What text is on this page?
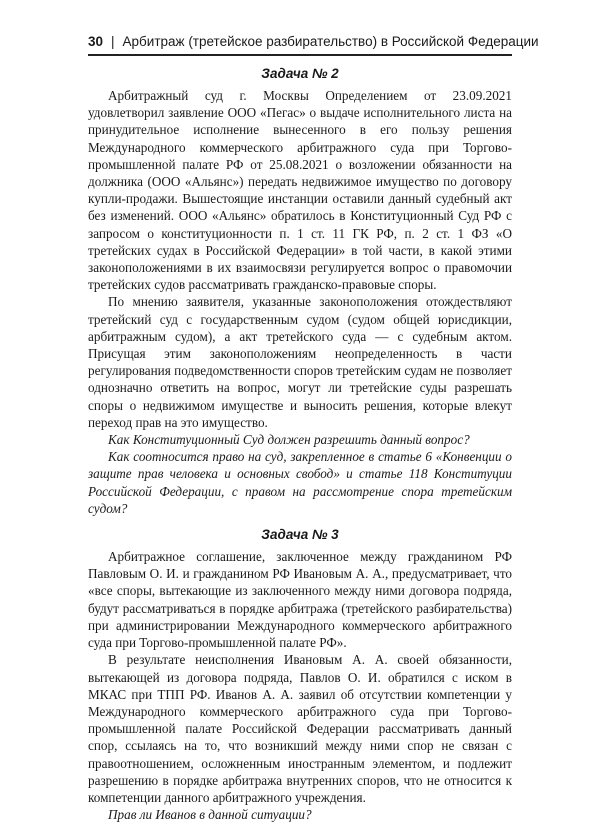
30 | Арбитраж (третейское разбирательство) в Российской Федерации
Задача № 2

Арбитражный суд г. Москвы Определением от 23.09.2021 удовлетворил заявление ООО «Пегас» о выдаче исполнительного листа на принудительное исполнение вынесенного в его пользу решения Международного коммерческого арбитражного суда при Торгово-промышленной палате РФ от 25.08.2021 о возложении обязанности на должника (ООО «Альянс») передать недвижимое имущество по договору купли-продажи. Вышестоящие инстанции оставили данный судебный акт без изменений. ООО «Альянс» обратилось в Конституционный Суд РФ с запросом о конституционности п. 1 ст. 11 ГК РФ, п. 2 ст. 1 ФЗ «О третейских судах в Российской Федерации» в той части, в какой этими законоположениями в их взаимосвязи регулируется вопрос о правомочии третейских судов рассматривать гражданско-правовые споры.

По мнению заявителя, указанные законоположения отождествляют третейский суд с государственным судом (судом общей юрисдикции, арбитражным судом), а акт третейского суда — с судебным актом. Присущая этим законоположениям неопределенность в части регулирования подведомственности споров третейским судам не позволяет однозначно ответить на вопрос, могут ли третейские суды разрешать споры о недвижимом имуществе и выносить решения, которые влекут переход прав на это имущество.

Как Конституционный Суд должен разрешить данный вопрос?

Как соотносится право на суд, закрепленное в статье 6 «Конвенции о защите прав человека и основных свобод» и статье 118 Конституции Российской Федерации, с правом на рассмотрение спора третейским судом?

Задача № 3

Арбитражное соглашение, заключенное между гражданином РФ Павловым О. И. и гражданином РФ Ивановым А. А., предусматривает, что «все споры, вытекающие из заключенного между ними договора подряда, будут рассматриваться в порядке арбитража (третейского разбирательства) при администрировании Международного коммерческого арбитражного суда при Торгово-промышленной палате РФ».

В результате неисполнения Ивановым А. А. своей обязанности, вытекающей из договора подряда, Павлов О. И. обратился с иском в МКАС при ТПП РФ. Иванов А. А. заявил об отсутствии компетенции у Международного коммерческого арбитражного суда при Торгово-промышленной палате Российской Федерации рассматривать данный спор, ссылаясь на то, что возникший между ними спор не связан с правоотношением, осложненным иностранным элементом, и подлежит разрешению в порядке арбитража внутренних споров, что не относится к компетенции данного арбитражного учреждения.

Прав ли Иванов в данной ситуации?
